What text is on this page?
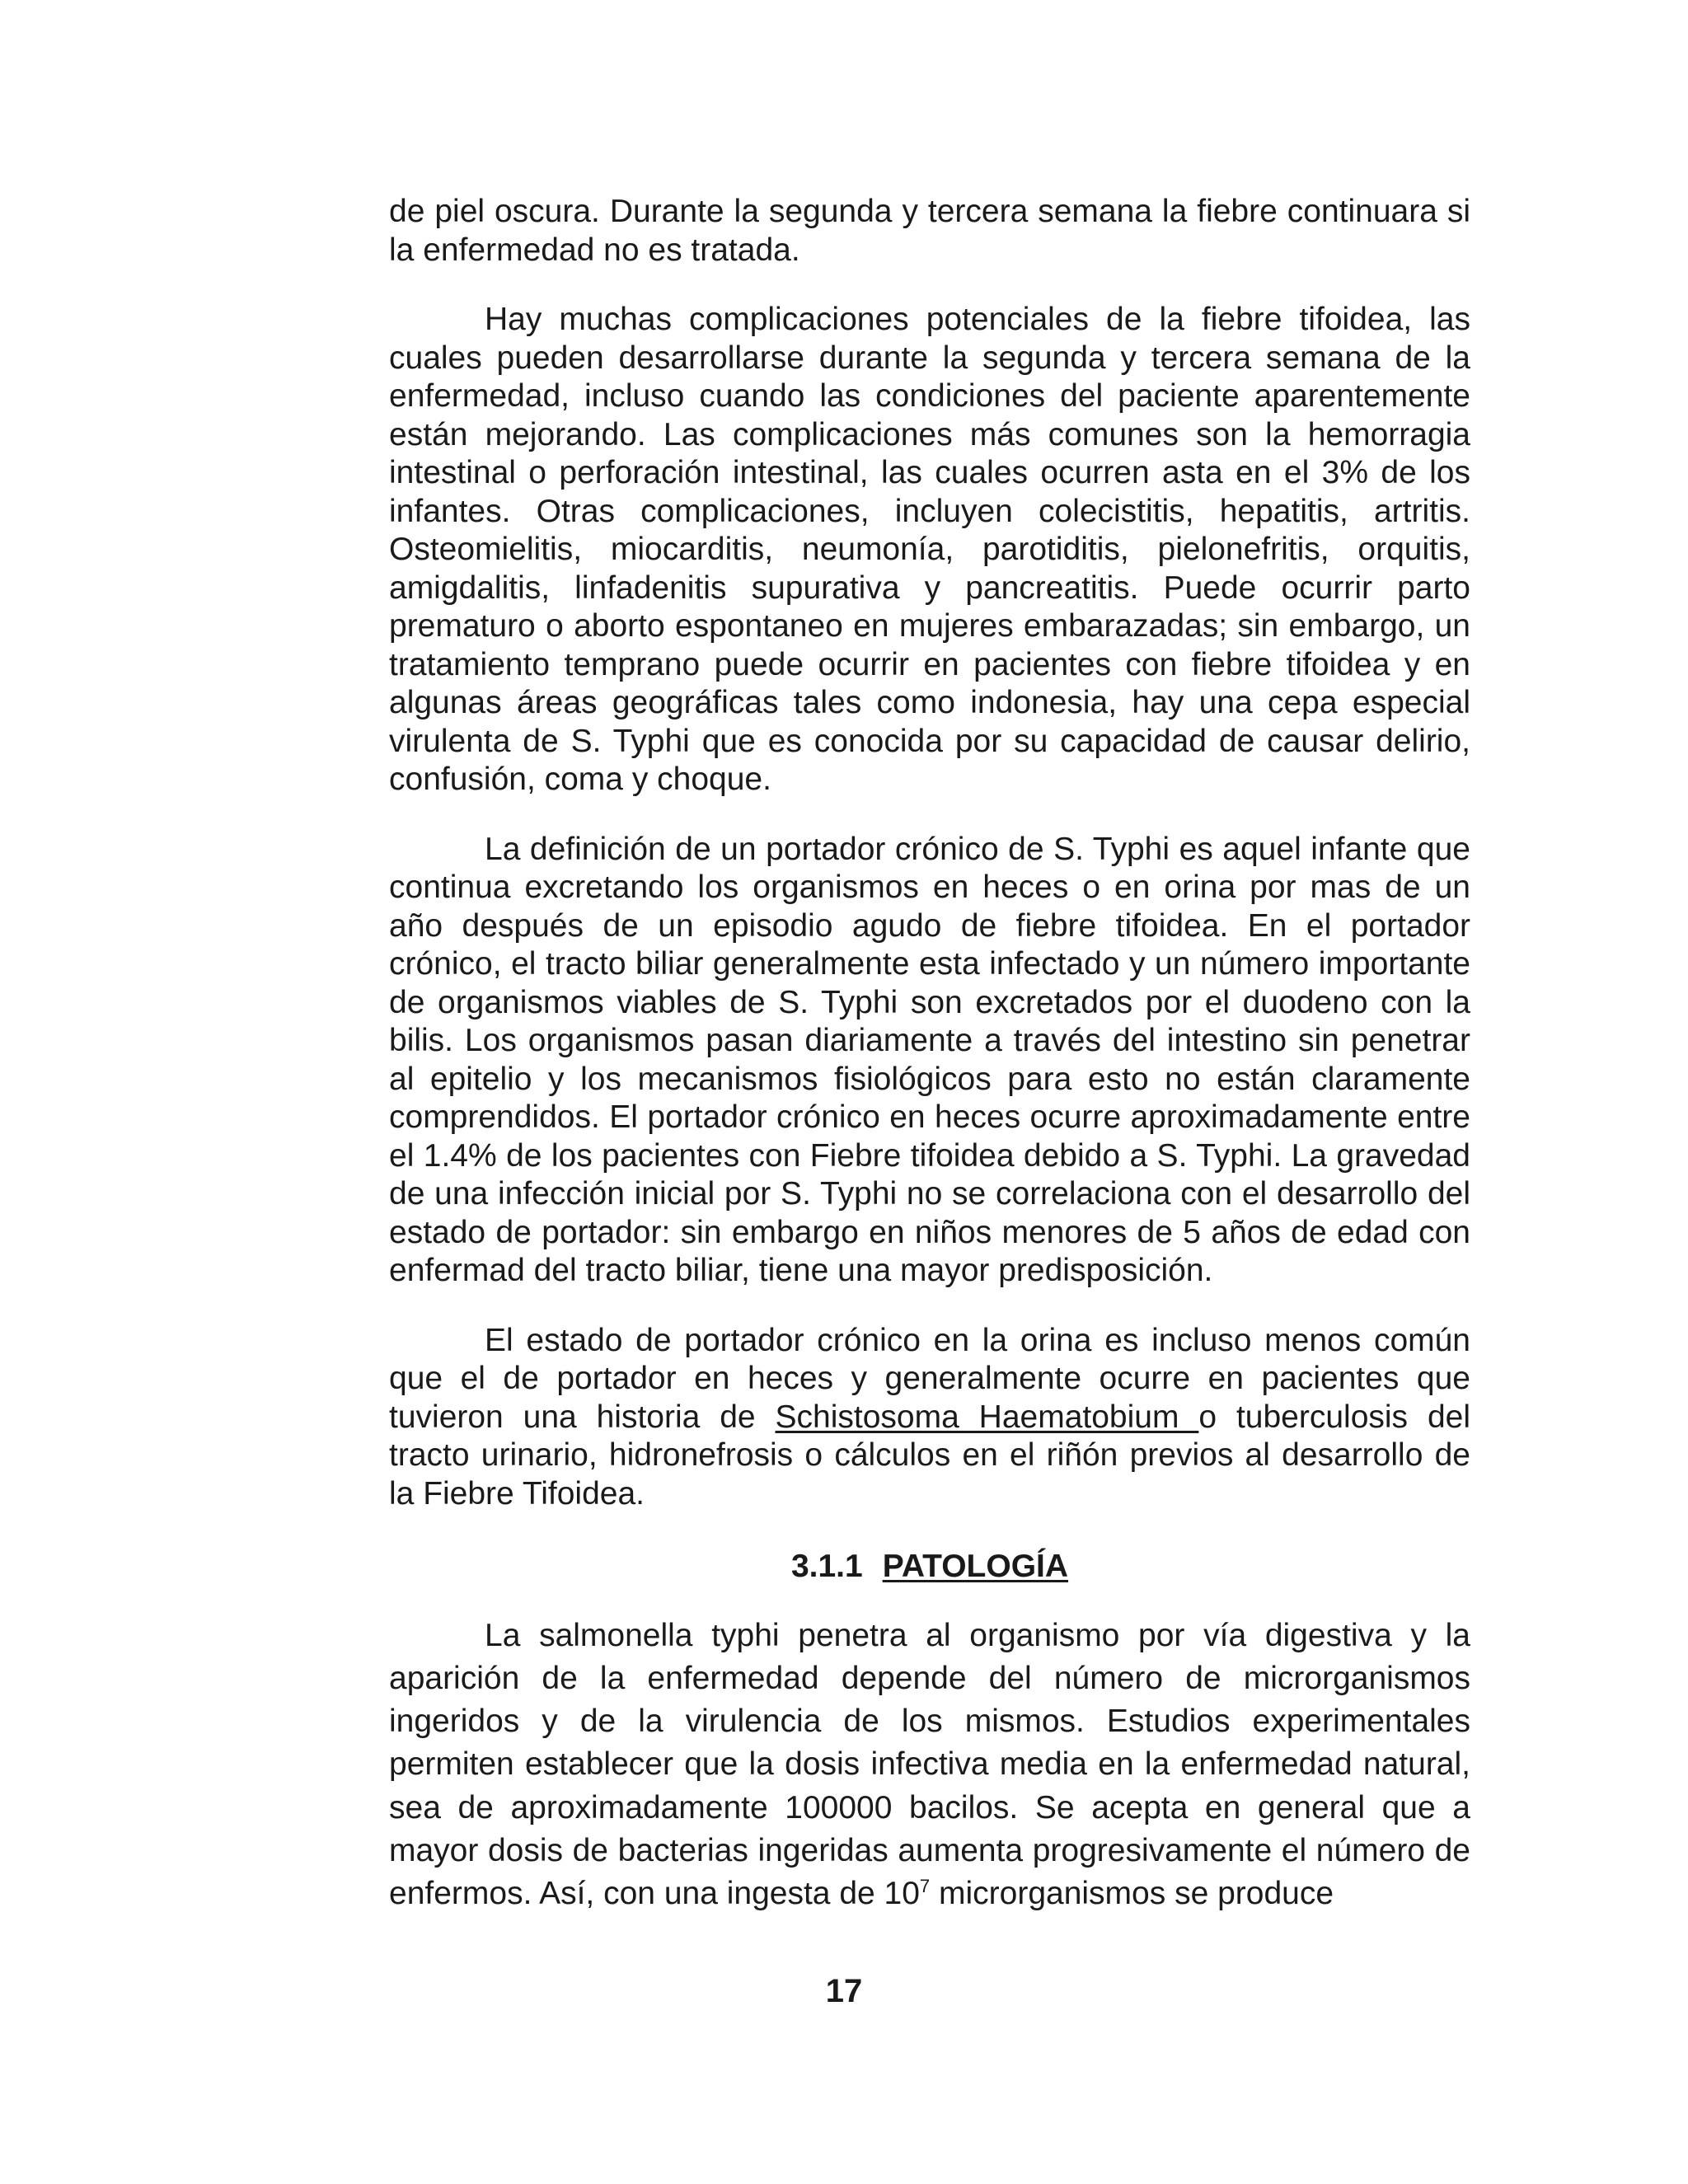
de piel oscura. Durante la segunda y tercera semana la fiebre continuara si la enfermedad no es tratada.

Hay muchas complicaciones potenciales de la fiebre tifoidea, las cuales pueden desarrollarse durante la segunda y tercera semana de la enfermedad, incluso cuando las condiciones del paciente aparentemente están mejorando. Las complicaciones más comunes son la hemorragia intestinal o perforación intestinal, las cuales ocurren asta en el 3% de los infantes. Otras complicaciones, incluyen colecistitis, hepatitis, artritis. Osteomielitis, miocarditis, neumonía, parotiditis, pielonefritis, orquitis, amigdalitis, linfadenitis supurativa y pancreatitis. Puede ocurrir parto prematuro o aborto espontaneo en mujeres embarazadas; sin embargo, un tratamiento temprano puede ocurrir en pacientes con fiebre tifoidea y en algunas áreas geográficas tales como indonesia, hay una cepa especial virulenta de S. Typhi que es conocida por su capacidad de causar delirio, confusión, coma y choque.

La definición de un portador crónico de S. Typhi es aquel infante que continua excretando los organismos en heces o en orina por mas de un año después de un episodio agudo de fiebre tifoidea. En el portador crónico, el tracto biliar generalmente esta infectado y un número importante de organismos viables de S. Typhi son excretados por el duodeno con la bilis. Los organismos pasan diariamente a través del intestino sin penetrar al epitelio y los mecanismos fisiológicos para esto no están claramente comprendidos. El portador crónico en heces ocurre aproximadamente entre el 1.4% de los pacientes con Fiebre tifoidea debido a S. Typhi. La gravedad de una infección inicial por S. Typhi no se correlaciona con el desarrollo del estado de portador: sin embargo en niños menores de 5 años de edad con enfermad del tracto biliar, tiene una mayor predisposición.

El estado de portador crónico en la orina es incluso menos común que el de portador en heces y generalmente ocurre en pacientes que tuvieron una historia de Schistosoma Haematobium o tuberculosis del tracto urinario, hidronefrosis o cálculos en el riñón previos al desarrollo de la Fiebre Tifoidea.

3.1.1 PATOLOGÍA

La salmonella typhi penetra al organismo por vía digestiva y la aparición de la enfermedad depende del número de microrganismos ingeridos y de la virulencia de los mismos. Estudios experimentales permiten establecer que la dosis infectiva media en la enfermedad natural, sea de aproximadamente 100000 bacilos. Se acepta en general que a mayor dosis de bacterias ingeridas aumenta progresivamente el número de enfermos. Así, con una ingesta de $10^7$ microrganismos se produce

17
